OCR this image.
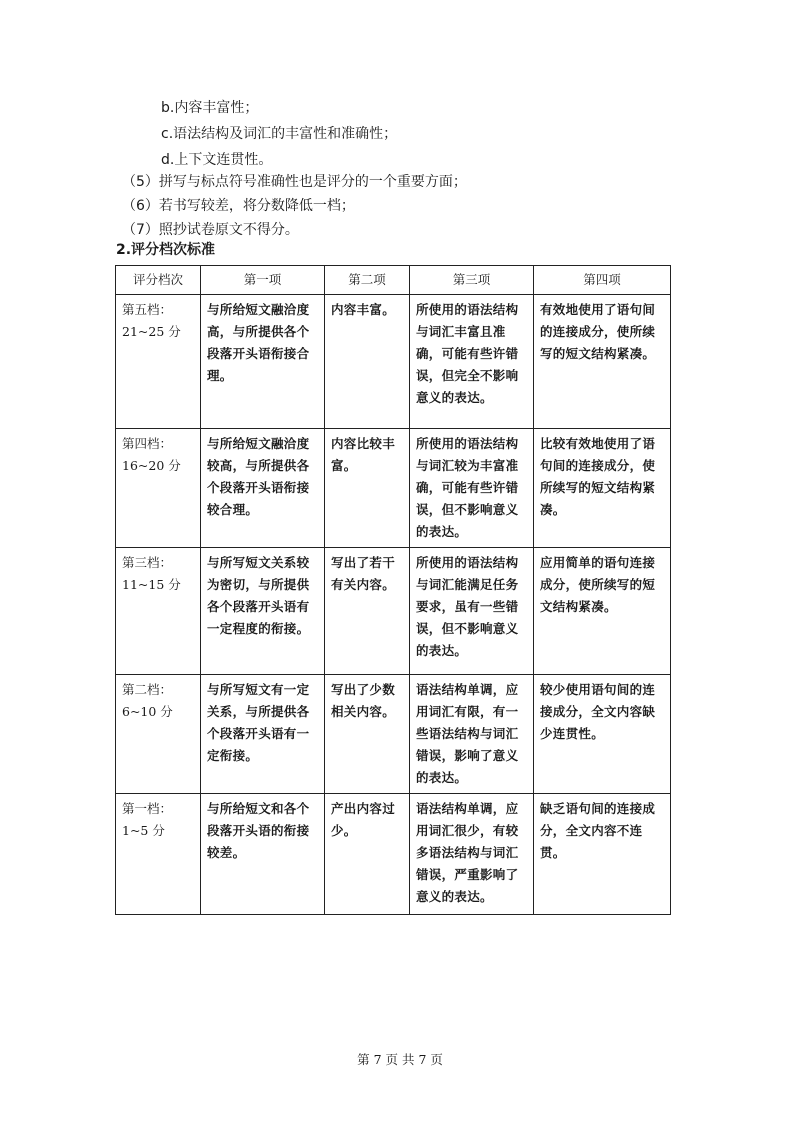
b.内容丰富性；
c.语法结构及词汇的丰富性和准确性；
d.上下文连贯性。
（5）拼写与标点符号准确性也是评分的一个重要方面；
（6）若书写较差，将分数降低一档；
（7）照抄试卷原文不得分。
2.评分档次标准
评分档次	第一项	第二项	第三项	第四项

第五档：
21~25 分	与所给短文融洽度高，与所提供各个段落开头语衔接合理。	内容丰富。	所使用的语法结构与词汇丰富且准确，可能有些许错误，但完全不影响意义的表达。	有效地使用了语句间的连接成分，使所续写的短文结构紧凑。

第四档：
16~20 分	与所给短文融洽度较高，与所提供各个段落开头语衔接较合理。	内容比较丰富。	所使用的语法结构与词汇较为丰富准确，可能有些许错误，但不影响意义的表达。	比较有效地使用了语句间的连接成分，使所续写的短文结构紧凑。

第三档：
11~15 分	与所写短文关系较为密切，与所提供各个段落开头语有一定程度的衔接。	写出了若干有关内容。	所使用的语法结构与词汇能满足任务要求，虽有一些错误，但不影响意义的表达。	应用简单的语句连接成分，使所续写的短文结构紧凑。

第二档：
6~10 分	与所写短文有一定关系，与所提供各个段落开头语有一定衔接。	写出了少数相关内容。	语法结构单调，应用词汇有限，有一些语法结构与词汇错误，影响了意义的表达。	较少使用语句间的连接成分，全文内容缺少连贯性。

第一档：
1~5 分	与所给短文和各个段落开头语的衔接较差。	产出内容过少。	语法结构单调，应用词汇很少，有较多语法结构与词汇错误，严重影响了意义的表达。	缺乏语句间的连接成分，全文内容不连贯。
第 7 页 共 7 页
